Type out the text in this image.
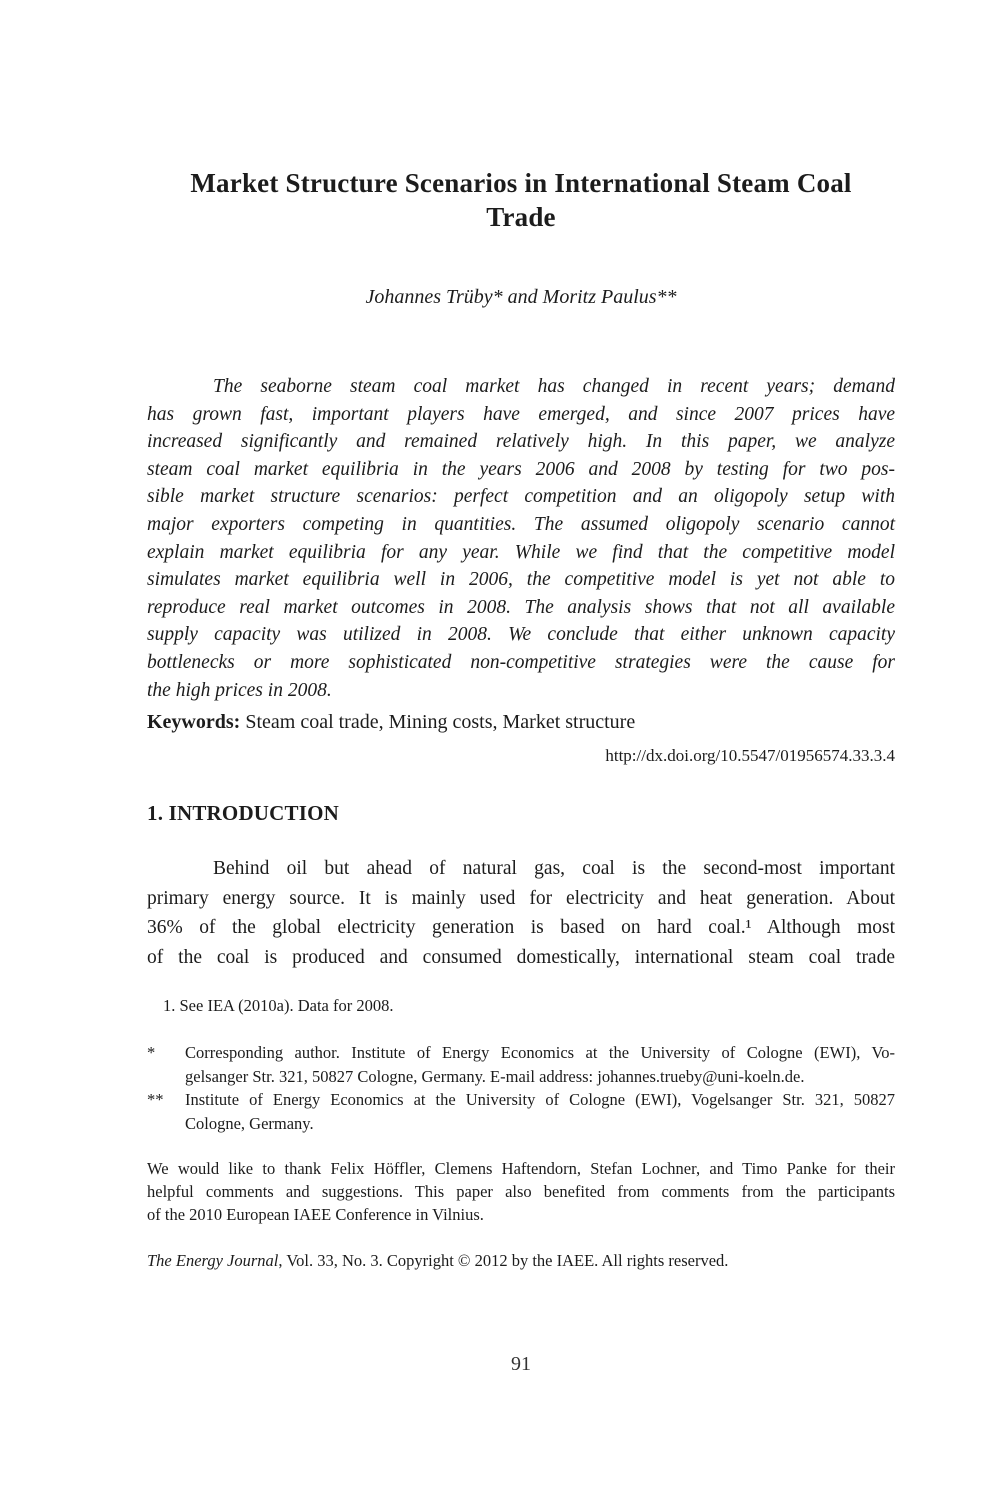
Market Structure Scenarios in International Steam Coal
Trade
Johannes Trüby* and Moritz Paulus**
The seaborne steam coal market has changed in recent years; demand
has grown fast, important players have emerged, and since 2007 prices have
increased significantly and remained relatively high. In this paper, we analyze
steam coal market equilibria in the years 2006 and 2008 by testing for two pos-
sible market structure scenarios: perfect competition and an oligopoly setup with
major exporters competing in quantities. The assumed oligopoly scenario cannot
explain market equilibria for any year. While we find that the competitive model
simulates market equilibria well in 2006, the competitive model is yet not able to
reproduce real market outcomes in 2008. The analysis shows that not all available
supply capacity was utilized in 2008. We conclude that either unknown capacity
bottlenecks or more sophisticated non-competitive strategies were the cause for
the high prices in 2008.
Keywords: Steam coal trade, Mining costs, Market structure
http://dx.doi.org/10.5547/01956574.33.3.4
1. INTRODUCTION
Behind oil but ahead of natural gas, coal is the second-most important
primary energy source. It is mainly used for electricity and heat generation. About
36% of the global electricity generation is based on hard coal.¹ Although most
of the coal is produced and consumed domestically, international steam coal trade
1. See IEA (2010a). Data for 2008.
*	Corresponding author. Institute of Energy Economics at the University of Cologne (EWI), Vo-
gelsanger Str. 321, 50827 Cologne, Germany. E-mail address: johannes.trueby@uni-koeln.de.
**	Institute of Energy Economics at the University of Cologne (EWI), Vogelsanger Str. 321, 50827
Cologne, Germany.
We would like to thank Felix Höffler, Clemens Haftendorn, Stefan Lochner, and Timo Panke for their
helpful comments and suggestions. This paper also benefited from comments from the participants
of the 2010 European IAEE Conference in Vilnius.
The Energy Journal, Vol. 33, No. 3. Copyright © 2012 by the IAEE. All rights reserved.
91
